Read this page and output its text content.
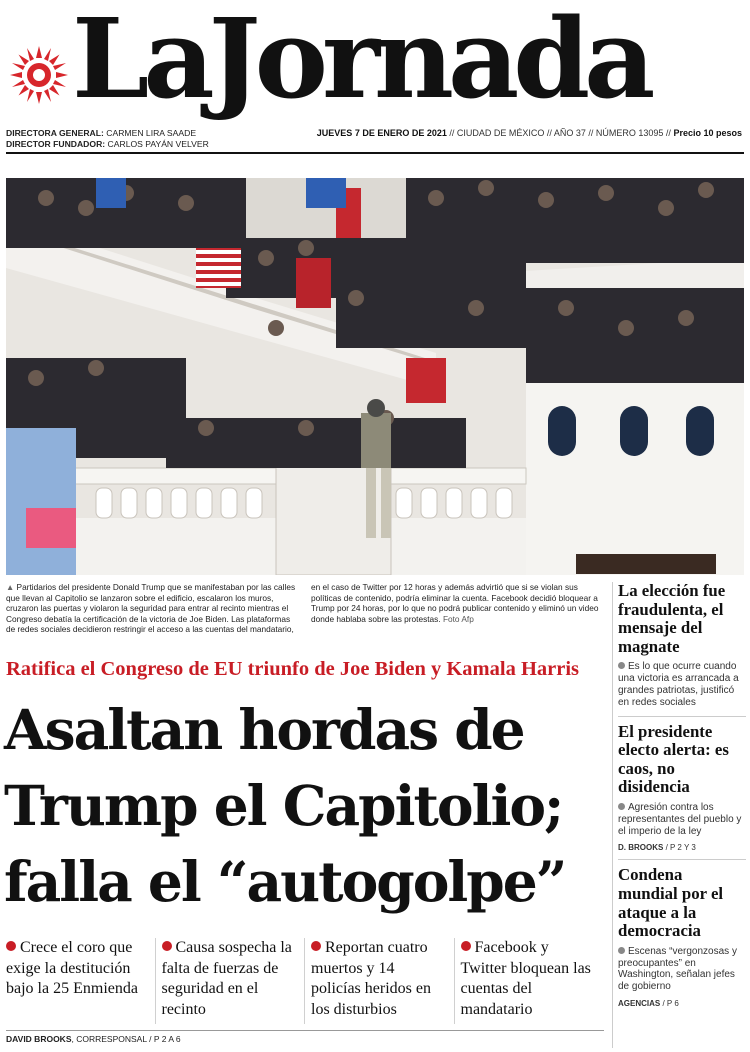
LaJornada
DIRECTORA GENERAL: CARMEN LIRA SAADE
DIRECTOR FUNDADOR: CARLOS PAYÁN VELVER
JUEVES 7 DE ENERO DE 2021 // CIUDAD DE MÉXICO // AÑO 37 // NÚMERO 13095 // Precio 10 pesos
▲ Partidarios del presidente Donald Trump que se manifestaban por las calles que llevan al Capitolio se lanzaron sobre el edificio, escalaron los muros, cruzaron las puertas y violaron la seguridad para entrar al recinto mientras el Congreso debatía la certificación de la victoria de Joe Biden. Las plataformas de redes sociales decidieron restringir el acceso a las cuentas del mandatario, en el caso de Twitter por 12 horas y además advirtió que si se violan sus políticas de contenido, podría eliminar la cuenta. Facebook decidió bloquear a Trump por 24 horas, por lo que no podrá publicar contenido y eliminó un video donde hablaba sobre las protestas. Foto Afp
Ratifica el Congreso de EU triunfo de Joe Biden y Kamala Harris
Asaltan hordas de
Trump el Capitolio;
falla el “autogolpe”
Crece el coro que exige la destitución bajo la 25 Enmienda
Causa sospecha la falta de fuerzas de seguridad en el recinto
Reportan cuatro muertos y 14 policías heridos en los disturbios
Facebook y Twitter bloquean las cuentas del mandatario
DAVID BROOKS, CORRESPONSAL / P 2 A 6
La elección fue fraudulenta, el mensaje del magnate
Es lo que ocurre cuando una victoria es arrancada a grandes patriotas, justificó en redes sociales
El presidente electo alerta: es caos, no disidencia
Agresión contra los representantes del pueblo y el imperio de la ley
D. BROOKS / P 2 Y 3
Condena mundial por el ataque a la democracia
Escenas “vergonzosas y preocupantes” en Washington, señalan jefes de gobierno
AGENCIAS / P 6
